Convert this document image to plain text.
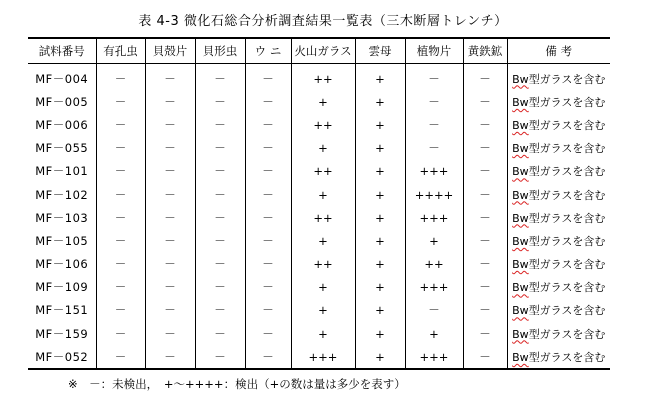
表 4-3 微化石総合分析調査結果一覧表（三木断層トレンチ）
試料番号	有孔虫	貝殻片	貝形虫	ウ ニ	火山ガラス	雲母	植物片	黄鉄鉱	備 考
MF－004	－	－	－	－	++	+	－	－	Bw型ガラスを含む
MF－005	－	－	－	－	+	+	－	－	Bw型ガラスを含む
MF－006	－	－	－	－	++	+	－	－	Bw型ガラスを含む
MF－055	－	－	－	－	+	+	－	－	Bw型ガラスを含む
MF－101	－	－	－	－	++	+	+++	－	Bw型ガラスを含む
MF－102	－	－	－	－	+	+	++++	－	Bw型ガラスを含む
MF－103	－	－	－	－	++	+	+++	－	Bw型ガラスを含む
MF－105	－	－	－	－	+	+	+	－	Bw型ガラスを含む
MF－106	－	－	－	－	++	+	++	－	Bw型ガラスを含む
MF－109	－	－	－	－	+	+	+++	－	Bw型ガラスを含む
MF－151	－	－	－	－	+	+	－	－	Bw型ガラスを含む
MF－159	－	－	－	－	+	+	+	－	Bw型ガラスを含む
MF－052	－	－	－	－	+++	+	+++	－	Bw型ガラスを含む
※　－：未検出，　+～++++：検出（+の数は量は多少を表す）
